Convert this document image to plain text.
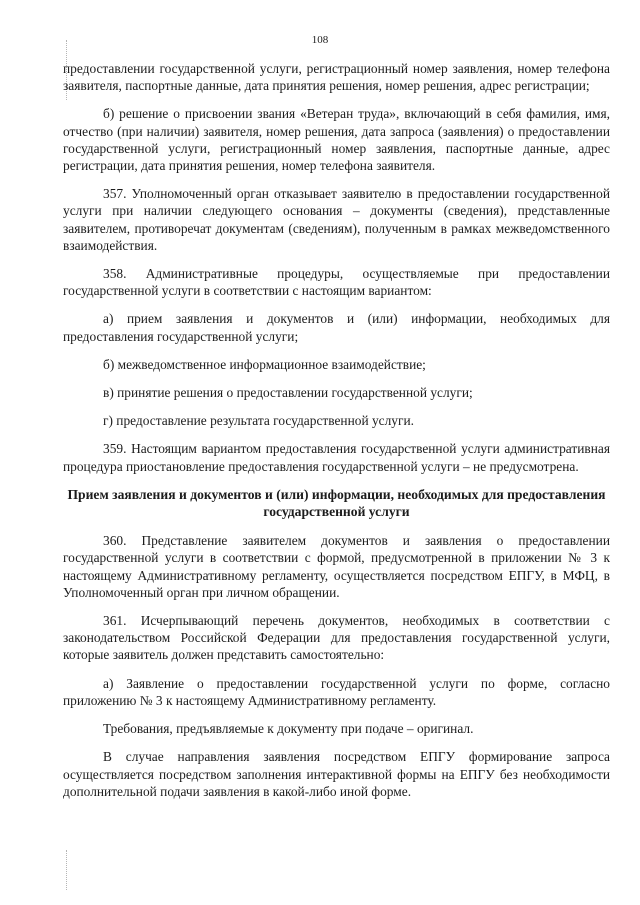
108

предоставлении государственной услуги, регистрационный номер заявления, номер телефона заявителя, паспортные данные, дата принятия решения, номер решения, адрес регистрации;

б) решение о присвоении звания «Ветеран труда», включающий в себя фамилия, имя, отчество (при наличии) заявителя, номер решения, дата запроса (заявления) о предоставлении государственной услуги, регистрационный номер заявления, паспортные данные, адрес регистрации, дата принятия решения, номер телефона заявителя.

357. Уполномоченный орган отказывает заявителю в предоставлении государственной услуги при наличии следующего основания – документы (сведения), представленные заявителем, противоречат документам (сведениям), полученным в рамках межведомственного взаимодействия.

358. Административные процедуры, осуществляемые при предоставлении государственной услуги в соответствии с настоящим вариантом:

а) прием заявления и документов и (или) информации, необходимых для предоставления государственной услуги;

б) межведомственное информационное взаимодействие;

в) принятие решения о предоставлении государственной услуги;

г) предоставление результата государственной услуги.

359. Настоящим вариантом предоставления государственной услуги административная процедура приостановление предоставления государственной услуги – не предусмотрена.

Прием заявления и документов и (или) информации, необходимых для предоставления государственной услуги

360. Представление заявителем документов и заявления о предоставлении государственной услуги в соответствии с формой, предусмотренной в приложении № 3 к настоящему Административному регламенту, осуществляется посредством ЕПГУ, в МФЦ, в Уполномоченный орган при личном обращении.

361. Исчерпывающий перечень документов, необходимых в соответствии с законодательством Российской Федерации для предоставления государственной услуги, которые заявитель должен представить самостоятельно:

а) Заявление о предоставлении государственной услуги по форме, согласно приложению № 3 к настоящему Административному регламенту.

Требования, предъявляемые к документу при подаче – оригинал.

В случае направления заявления посредством ЕПГУ формирование запроса осуществляется посредством заполнения интерактивной формы на ЕПГУ без необходимости дополнительной подачи заявления в какой-либо иной форме.
